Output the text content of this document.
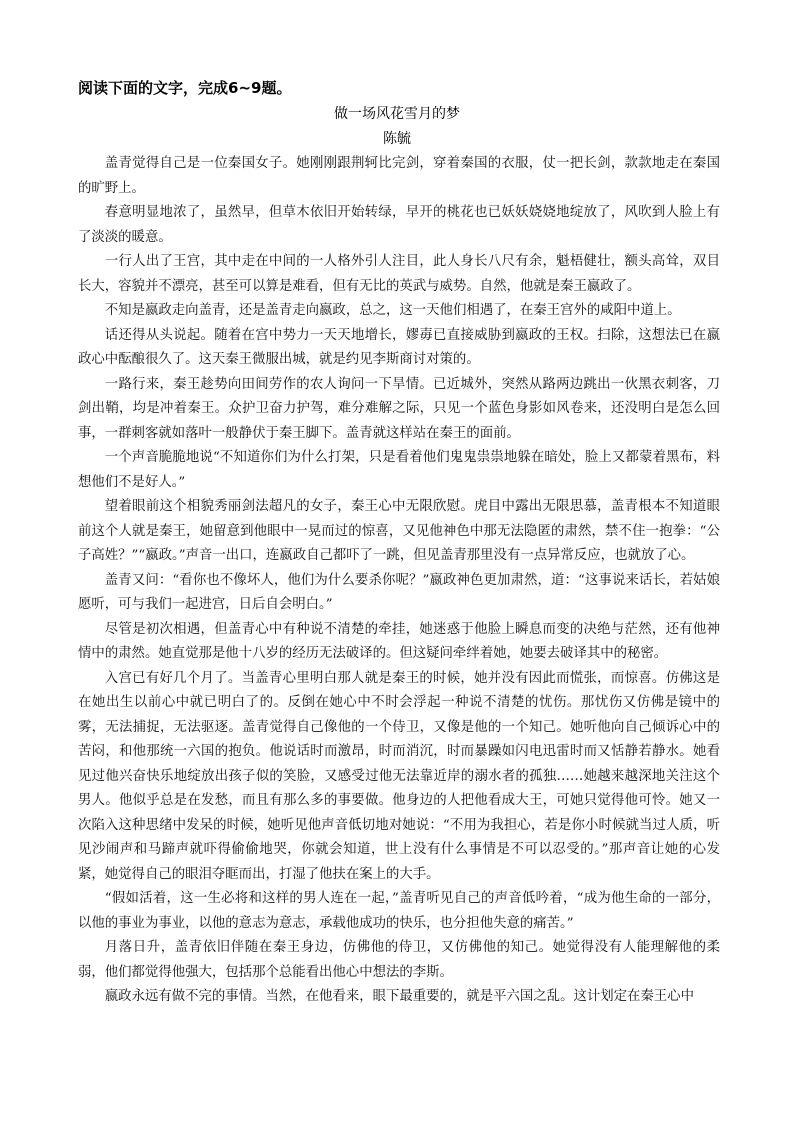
阅读下面的文字，完成6~9题。
做一场风花雪月的梦
陈毓

盖青觉得自己是一位秦国女子。她刚刚跟荆轲比完剑，穿着秦国的衣服，仗一把长剑，款款地走在秦国的旷野上。

春意明显地浓了，虽然早，但草木依旧开始转绿，早开的桃花也已妖妖娆娆地绽放了，风吹到人脸上有了淡淡的暖意。

一行人出了王宫，其中走在中间的一人格外引人注目，此人身长八尺有余，魁梧健壮，额头高耸，双目长大，容貌并不漂亮，甚至可以算是难看，但有无比的英武与威势。自然，他就是秦王嬴政了。

不知是嬴政走向盖青，还是盖青走向嬴政，总之，这一天他们相遇了，在秦王宫外的咸阳中道上。

话还得从头说起。随着在宫中势力一天天地增长，嫪毐已直接威胁到嬴政的王权。扫除，这想法已在嬴政心中酝酿很久了。这天秦王微服出城，就是约见李斯商讨对策的。

一路行来，秦王趁势向田间劳作的农人询问一下旱情。已近城外，突然从路两边跳出一伙黑衣刺客，刀剑出鞘，均是冲着秦王。众护卫奋力护驾，难分难解之际，只见一个蓝色身影如风卷来，还没明白是怎么回事，一群刺客就如落叶一般静伏于秦王脚下。盖青就这样站在秦王的面前。

一个声音脆脆地说“不知道你们为什么打架，只是看着他们鬼鬼祟祟地躲在暗处，脸上又都蒙着黑布，料想他们不是好人。”

望着眼前这个相貌秀丽剑法超凡的女子，秦王心中无限欣慰。虎目中露出无限思慕，盖青根本不知道眼前这个人就是秦王，她留意到他眼中一晃而过的惊喜，又见他神色中那无法隐匿的肃然，禁不住一抱拳：“公子高姓？”“嬴政。”声音一出口，连嬴政自己都吓了一跳，但见盖青那里没有一点异常反应，也就放了心。

盖青又问：“看你也不像坏人，他们为什么要杀你呢？”嬴政神色更加肃然，道：“这事说来话长，若姑娘愿听，可与我们一起进宫，日后自会明白。”

尽管是初次相遇，但盖青心中有种说不清楚的牵挂，她迷惑于他脸上瞬息而变的决绝与茫然，还有他神情中的肃然。她直觉那是他十八岁的经历无法破译的。但这疑问牵绊着她，她要去破译其中的秘密。

入宫已有好几个月了。当盖青心里明白那人就是秦王的时候，她并没有因此而慌张，而惊喜。仿佛这是在她出生以前心中就已明白了的。反倒在她心中不时会浮起一种说不清楚的忧伤。那忧伤又仿佛是镜中的雾，无法捕捉，无法驱逐。盖青觉得自己像他的一个侍卫，又像是他的一个知己。她听他向自己倾诉心中的苦闷，和他那统一六国的抱负。他说话时而激昂，时而消沉，时而暴躁如闪电迅雷时而又恬静若静水。她看见过他兴奋快乐地绽放出孩子似的笑脸，又感受过他无法靠近岸的溺水者的孤独……她越来越深地关注这个男人。他似乎总是在发愁，而且有那么多的事要做。他身边的人把他看成大王，可她只觉得他可怜。她又一次陷入这种思绪中发呆的时候，她听见他声音低切地对她说：“不用为我担心，若是你小时候就当过人质，听见沙闹声和马蹄声就吓得偷偷地哭，你就会知道，世上没有什么事情是不可以忍受的。”那声音让她的心发紧，她觉得自己的眼泪夺眶而出，打湿了他扶在案上的大手。

“假如活着，这一生必将和这样的男人连在一起，”盖青听见自己的声音低吟着，“成为他生命的一部分，以他的事业为事业，以他的意志为意志，承载他成功的快乐，也分担他失意的痛苦。”

月落日升，盖青依旧伴随在秦王身边，仿佛他的侍卫，又仿佛他的知己。她觉得没有人能理解他的柔弱，他们都觉得他强大，包括那个总能看出他心中想法的李斯。

嬴政永远有做不完的事情。当然，在他看来，眼下最重要的，就是平六国之乱。这计划定在秦王心中
